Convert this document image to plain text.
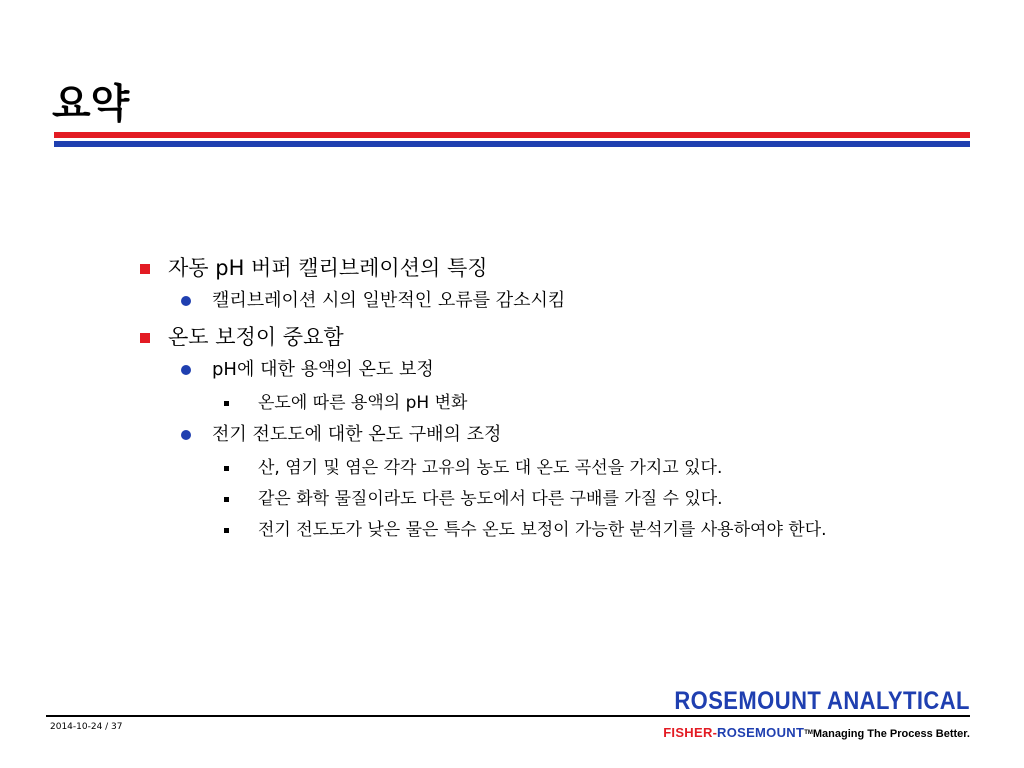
요약
자동 pH 버퍼 캘리브레이션의 특징
캘리브레이션 시의 일반적인 오류를 감소시킴
온도 보정이 중요함
pH에 대한 용액의 온도 보정
온도에 따른 용액의 pH 변화
전기 전도도에 대한 온도 구배의 조정
산, 염기 및 염은 각각 고유의 농도 대 온도 곡선을 가지고 있다.
같은 화학 물질이라도 다른 농도에서 다른 구배를 가질 수 있다.
전기 전도도가 낮은 물은 특수 온도 보정이 가능한 분석기를 사용하여야 한다.
2014-10-24 / 37
ROSEMOUNT ANALYTICAL
FISHER-ROSEMOUNT™Managing The Process Better.
